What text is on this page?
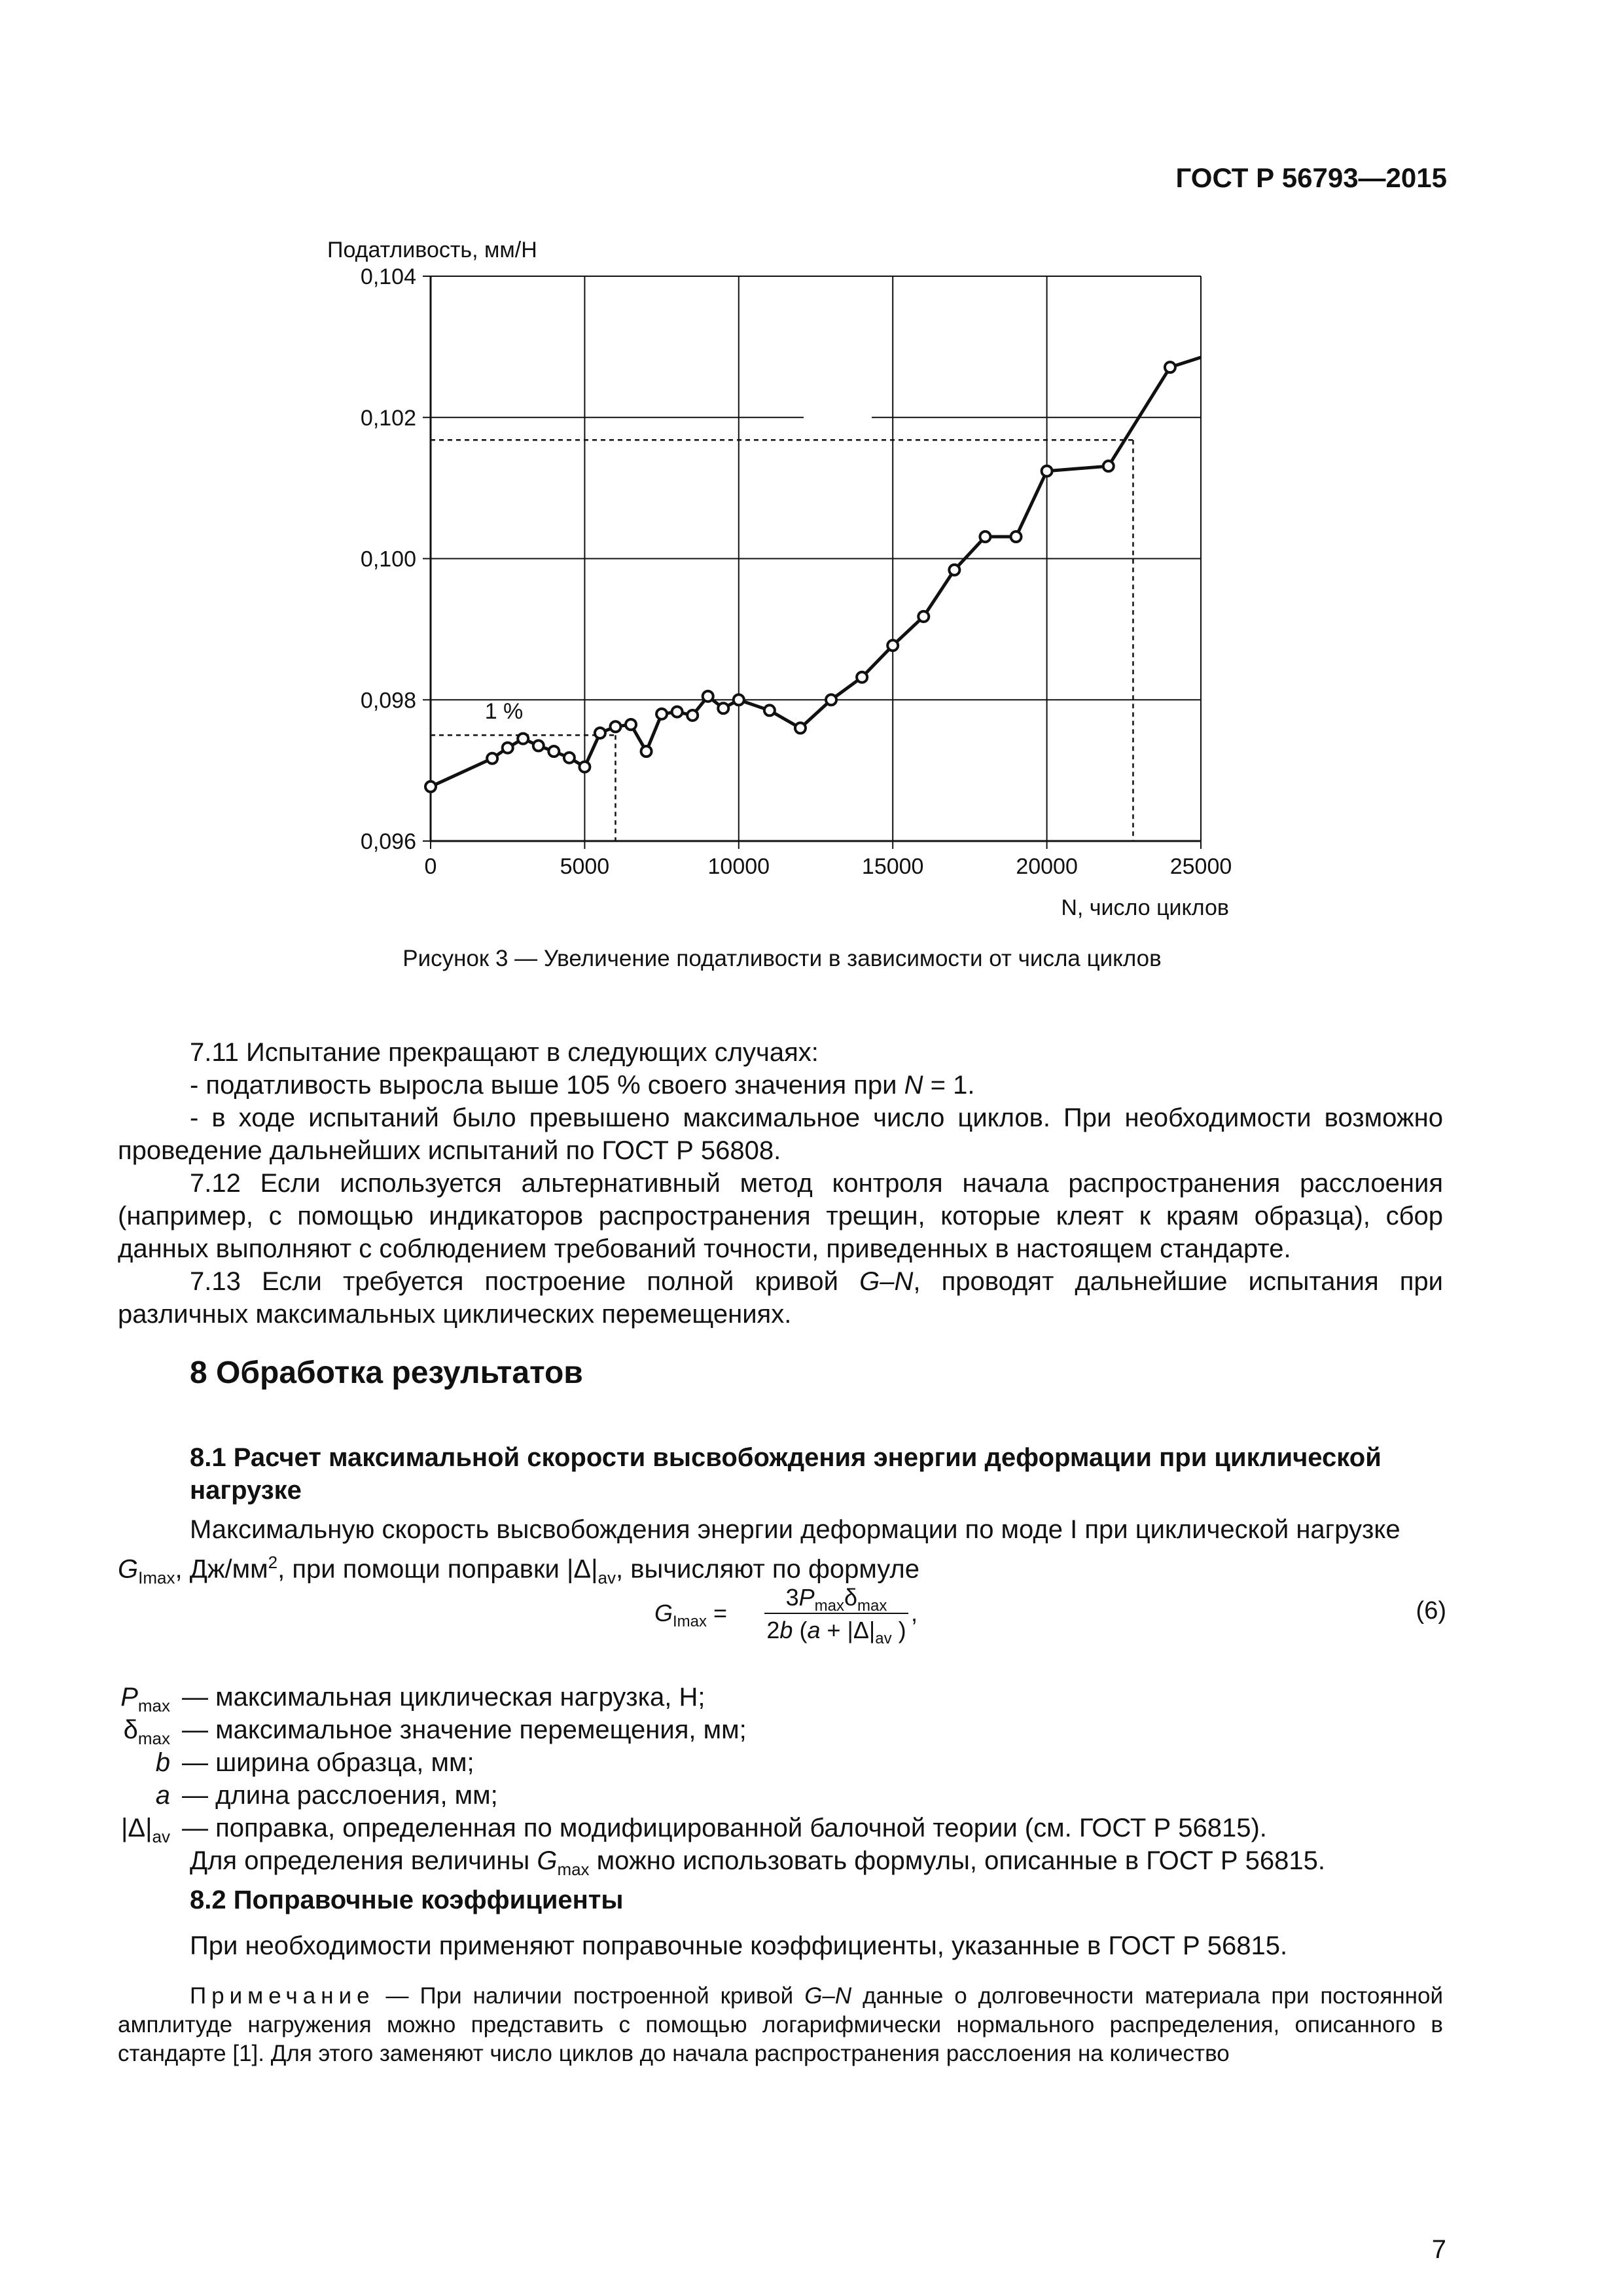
ГОСТ Р 56793—2015
0	5000	10000	15000	20000	25000
0,096
0,098
0,100
0,102
0,104
Податливость, мм/Н
N, число циклов
1 %
Рисунок 3 — Увеличение податливости в зависимости от числа циклов
7.11 Испытание прекращают в следующих случаях:
- податливость выросла выше 105 % своего значения при N = 1.
- в ходе испытаний было превышено максимальное число циклов. При необходимости возможно проведение дальнейших испытаний по ГОСТ Р 56808.
7.12 Если используется альтернативный метод контроля начала распространения расслоения (например, с помощью индикаторов распространения трещин, которые клеят к краям образца), сбор данных выполняют с соблюдением требований точности, приведенных в настоящем стандарте.
7.13 Если требуется построение полной кривой G–N, проводят дальнейшие испытания при различных максимальных циклических перемещениях.
8 Обработка результатов
8.1 Расчет максимальной скорости высвобождения энергии деформации при циклической нагрузке
Максимальную скорость высвобождения энергии деформации по моде I при циклической нагрузке
$G_{Imax}$, $Дж/мм^2$, при помощи поправки $|\Delta|_{av}$, вычисляют по формуле
$G_{Imax}$ =
$3P_{max}\delta_{max}$
2b ($a + |\Delta|_{av}$ )
,	(6)
$P_{max}$ — максимальная циклическая нагрузка, Н;
$\delta_{max}$ — максимальное значение перемещения, мм;
b — ширина образца, мм;
a — длина расслоения, мм;
$|\Delta|_{av}$ — поправка, определенная по модифицированной балочной теории (см. ГОСТ Р 56815).
Для определения величины $G_{max}$ можно использовать формулы, описанные в ГОСТ Р 56815.
8.2 Поправочные коэффициенты
При необходимости применяют поправочные коэффициенты, указанные в ГОСТ Р 56815.
Примечание — При наличии построенной кривой G–N данные о долговечности материала при постоянной амплитуде нагружения можно представить с помощью логарифмически нормального распределения, описанного в стандарте [1]. Для этого заменяют число циклов до начала распространения расслоения на количество
7
